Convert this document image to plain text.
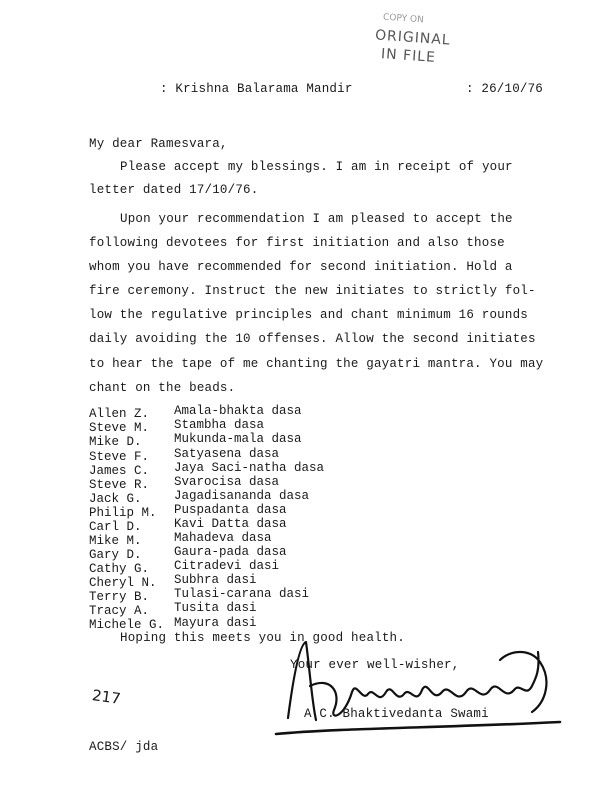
COPY ON
ORIGINAL
IN FILE
: Krishna Balarama Mandir	: 26/10/76
My dear Ramesvara,
Please accept my blessings. I am in receipt of your
letter dated 17/10/76.
Upon your recommendation I am pleased to accept the
following devotees for first initiation and also those
whom you have recommended for second initiation. Hold a
fire ceremony. Instruct the new initiates to strictly fol-
low the regulative principles and chant minimum 16 rounds
daily avoiding the 10 offenses. Allow the second initiates
to hear the tape of me chanting the gayatri mantra. You may
chant on the beads.
Allen Z. Amala-bhakta dasa
Steve M. Stambha dasa
Mike D.	Mukunda-mala dasa
Steve F. Satyasena dasa
James C. Jaya Saci-natha dasa
Steve R. Svarocisa dasa
Jack G.	Jagadisananda dasa
Philip M. Puspadanta dasa
Carl D.	Kavi Datta dasa
Mike M.	Mahadeva dasa
Gary D.	Gaura-pada dasa
Cathy G. Citradevi dasi
Cheryl N. Subhra dasi
Terry B. Tulasi-carana dasi
Tracy A. Tusita dasi
Michele G. Mayura dasi
Hoping this meets you in good health.
Your ever well-wisher,
A.C. Bhaktivedanta Swami
217
ACBS/ jda
